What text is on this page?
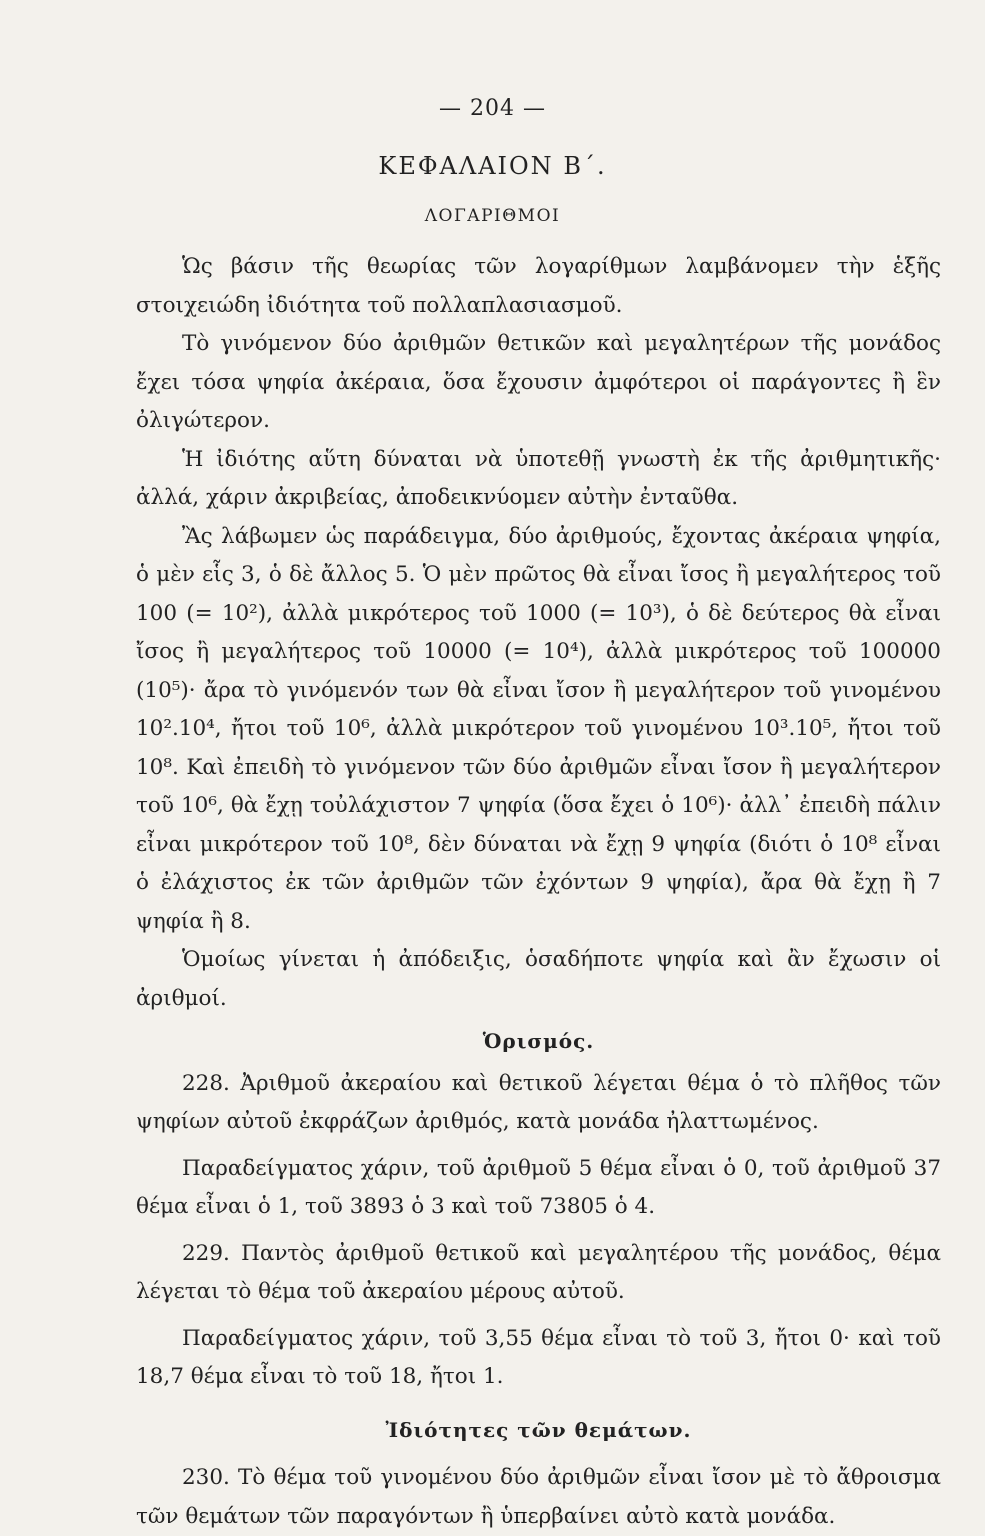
— 204 —
ΚΕΦΑΛΑΙΟΝ Β΄.
ΛΟΓΑΡΙΘΜΟΙ

Ὡς βάσιν τῆς θεωρίας τῶν λογαρίθμων λαμβάνομεν τὴν ἑξῆς στοιχειώδη ἰδιότητα τοῦ πολλαπλασιασμοῦ.

Τὸ γινόμενον δύο ἀριθμῶν θετικῶν καὶ μεγαλητέρων τῆς μονάδος ἔχει τόσα ψηφία ἀκέραια, ὅσα ἔχουσιν ἀμφότεροι οἱ παράγοντες ἢ ἓν ὀλιγώτερον.

Ἡ ἰδιότης αὕτη δύναται νὰ ὑποτεθῇ γνωστὴ ἐκ τῆς ἀριθμητικῆς· ἀλλά, χάριν ἀκριβείας, ἀποδεικνύομεν αὐτὴν ἐνταῦθα.

Ἂς λάβωμεν ὡς παράδειγμα, δύο ἀριθμούς, ἔχοντας ἀκέραια ψηφία, ὁ μὲν εἷς 3, ὁ δὲ ἄλλος 5. Ὁ μὲν πρῶτος θὰ εἶναι ἴσος ἢ μεγαλήτερος τοῦ 100 (= 10²), ἀλλὰ μικρότερος τοῦ 1000 (= 10³), ὁ δὲ δεύτερος θὰ εἶναι ἴσος ἢ μεγαλήτερος τοῦ 10000 (= 10⁴), ἀλλὰ μικρότερος τοῦ 100000 (10⁵)· ἄρα τὸ γινόμενόν των θὰ εἶναι ἴσον ἢ μεγαλήτερον τοῦ γινομένου 10².10⁴, ἤτοι τοῦ 10⁶, ἀλλὰ μικρότερον τοῦ γινομένου 10³.10⁵, ἤτοι τοῦ 10⁸. Καὶ ἐπειδὴ τὸ γινόμενον τῶν δύο ἀριθμῶν εἶναι ἴσον ἢ μεγαλήτερον τοῦ 10⁶, θὰ ἔχῃ τοὐλάχιστον 7 ψηφία (ὅσα ἔχει ὁ 10⁶)· ἀλλ᾽ ἐπειδὴ πάλιν εἶναι μικρότερον τοῦ 10⁸, δὲν δύναται νὰ ἔχῃ 9 ψηφία (διότι ὁ 10⁸ εἶναι ὁ ἐλάχιστος ἐκ τῶν ἀριθμῶν τῶν ἐχόντων 9 ψηφία), ἄρα θὰ ἔχῃ ἢ 7 ψηφία ἢ 8.

Ὁμοίως γίνεται ἡ ἀπόδειξις, ὁσαδήποτε ψηφία καὶ ἂν ἔχωσιν οἱ ἀριθμοί.

Ὁρισμός.

228. Ἀριθμοῦ ἀκεραίου καὶ θετικοῦ λέγεται θέμα ὁ τὸ πλῆθος τῶν ψηφίων αὐτοῦ ἐκφράζων ἀριθμός, κατὰ μονάδα ἠλαττωμένος.

Παραδείγματος χάριν, τοῦ ἀριθμοῦ 5 θέμα εἶναι ὁ 0, τοῦ ἀριθμοῦ 37 θέμα εἶναι ὁ 1, τοῦ 3893 ὁ 3 καὶ τοῦ 73805 ὁ 4.

229. Παντὸς ἀριθμοῦ θετικοῦ καὶ μεγαλητέρου τῆς μονάδος, θέμα λέγεται τὸ θέμα τοῦ ἀκεραίου μέρους αὐτοῦ.

Παραδείγματος χάριν, τοῦ 3,55 θέμα εἶναι τὸ τοῦ 3, ἤτοι 0· καὶ τοῦ 18,7 θέμα εἶναι τὸ τοῦ 18, ἤτοι 1.

Ἰδιότητες τῶν θεμάτων.

230. Τὸ θέμα τοῦ γινομένου δύο ἀριθμῶν εἶναι ἴσον μὲ τὸ ἄθροισμα τῶν θεμάτων τῶν παραγόντων ἢ ὑπερβαίνει αὐτὸ κατὰ μονάδα.
